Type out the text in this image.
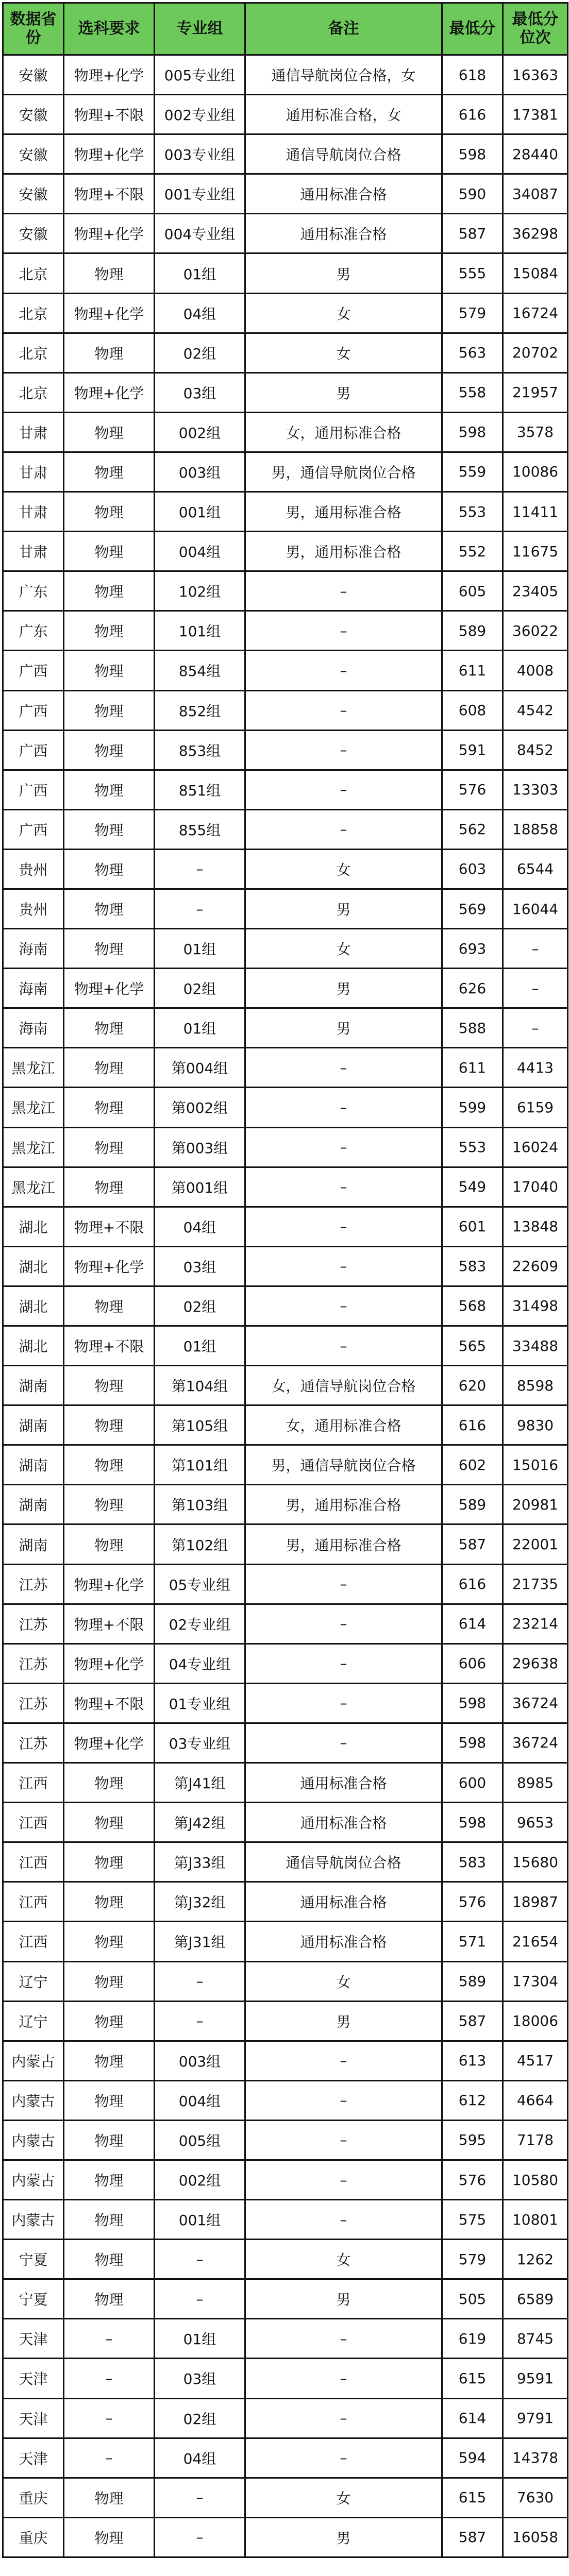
数据省份	选科要求	专业组	备注	最低分	最低分位次
安徽	物理+化学	005专业组	通信导航岗位合格，女	618	16363
安徽	物理+不限	002专业组	通用标准合格，女	616	17381
安徽	物理+化学	003专业组	通信导航岗位合格	598	28440
安徽	物理+不限	001专业组	通用标准合格	590	34087
安徽	物理+化学	004专业组	通用标准合格	587	36298
北京	物理	01组	男	555	15084
北京	物理+化学	04组	女	579	16724
北京	物理	02组	女	563	20702
北京	物理+化学	03组	男	558	21957
甘肃	物理	002组	女，通用标准合格	598	3578
甘肃	物理	003组	男，通信导航岗位合格	559	10086
甘肃	物理	001组	男，通用标准合格	553	11411
甘肃	物理	004组	男，通用标准合格	552	11675
广东	物理	102组	–	605	23405
广东	物理	101组	–	589	36022
广西	物理	854组	–	611	4008
广西	物理	852组	–	608	4542
广西	物理	853组	–	591	8452
广西	物理	851组	–	576	13303
广西	物理	855组	–	562	18858
贵州	物理	–	女	603	6544
贵州	物理	–	男	569	16044
海南	物理	01组	女	693	–
海南	物理+化学	02组	男	626	–
海南	物理	01组	男	588	–
黑龙江	物理	第004组	–	611	4413
黑龙江	物理	第002组	–	599	6159
黑龙江	物理	第003组	–	553	16024
黑龙江	物理	第001组	–	549	17040
湖北	物理+不限	04组	–	601	13848
湖北	物理+化学	03组	–	583	22609
湖北	物理	02组	–	568	31498
湖北	物理+不限	01组	–	565	33488
湖南	物理	第104组	女，通信导航岗位合格	620	8598
湖南	物理	第105组	女，通用标准合格	616	9830
湖南	物理	第101组	男，通信导航岗位合格	602	15016
湖南	物理	第103组	男，通用标准合格	589	20981
湖南	物理	第102组	男，通用标准合格	587	22001
江苏	物理+化学	05专业组	–	616	21735
江苏	物理+不限	02专业组	–	614	23214
江苏	物理+化学	04专业组	–	606	29638
江苏	物理+不限	01专业组	–	598	36724
江苏	物理+化学	03专业组	–	598	36724
江西	物理	第J41组	通用标准合格	600	8985
江西	物理	第J42组	通用标准合格	598	9653
江西	物理	第J33组	通信导航岗位合格	583	15680
江西	物理	第J32组	通用标准合格	576	18987
江西	物理	第J31组	通用标准合格	571	21654
辽宁	物理	–	女	589	17304
辽宁	物理	–	男	587	18006
内蒙古	物理	003组	–	613	4517
内蒙古	物理	004组	–	612	4664
内蒙古	物理	005组	–	595	7178
内蒙古	物理	002组	–	576	10580
内蒙古	物理	001组	–	575	10801
宁夏	物理	–	女	579	1262
宁夏	物理	–	男	505	6589
天津	–	01组	–	619	8745
天津	–	03组	–	615	9591
天津	–	02组	–	614	9791
天津	–	04组	–	594	14378
重庆	物理	–	女	615	7630
重庆	物理	–	男	587	16058
